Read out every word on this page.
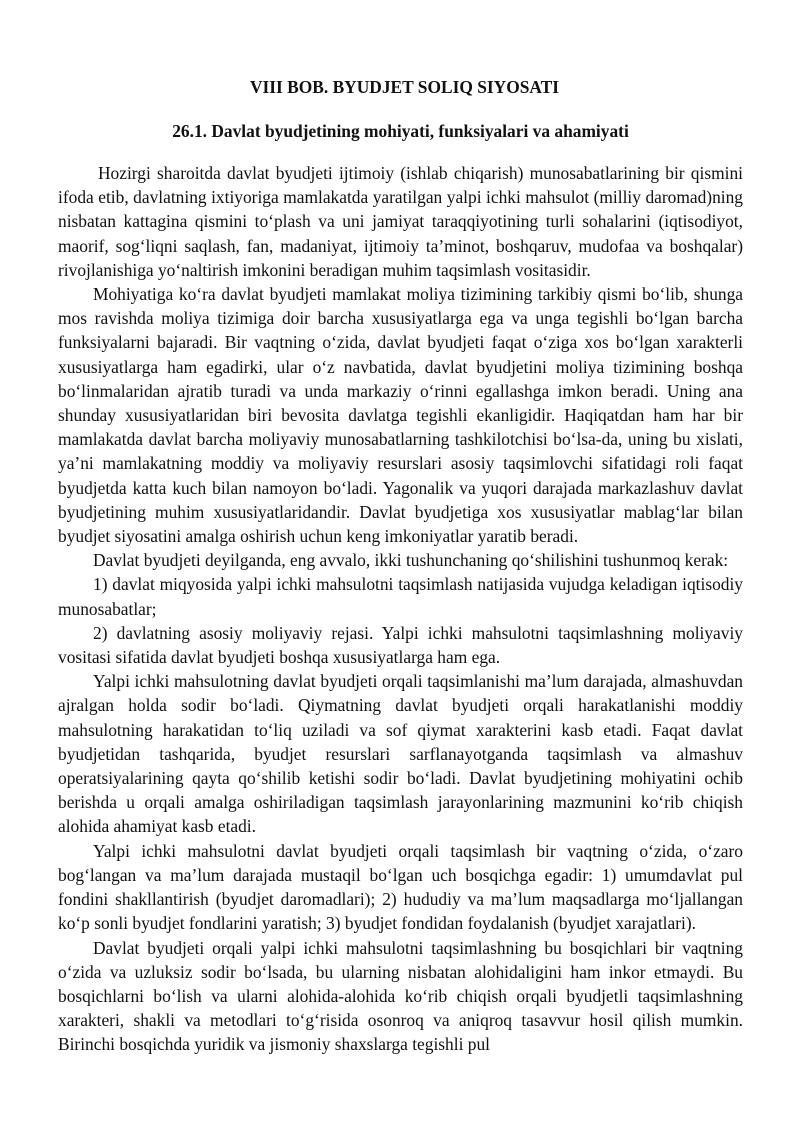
VIII BOB. BYUDJET SOLIQ SIYOSATI
26.1. Davlat byudjetining mohiyati, funksiyalari va ahamiyati

Hozirgi sharoitda davlat byudjeti ijtimoiy (ishlab chiqarish) munosabatlarining bir qismini ifoda etib, davlatning ixtiyoriga mamlakatda yaratilgan yalpi ichki mahsulot (milliy daromad)ning nisbatan kattagina qismini to‘plash va uni jamiyat taraqqiyotining turli sohalarini (iqtisodiyot, maorif, sog‘liqni saqlash, fan, madaniyat, ijtimoiy ta’minot, boshqaruv, mudofaa va boshqalar) rivojlanishiga yo‘naltirish imkonini beradigan muhim taqsimlash vositasidir.

Mohiyatiga ko‘ra davlat byudjeti mamlakat moliya tizimining tarkibiy qismi bo‘lib, shunga mos ravishda moliya tizimiga doir barcha xususiyatlarga ega va unga tegishli bo‘lgan barcha funksiyalarni bajaradi. Bir vaqtning o‘zida, davlat byudjeti faqat o‘ziga xos bo‘lgan xarakterli xususiyatlarga ham egadirki, ular o‘z navbatida, davlat byudjetini moliya tizimining boshqa bo‘linmalaridan ajratib turadi va unda markaziy o‘rinni egallashga imkon beradi. Uning ana shunday xususiyatlaridan biri bevosita davlatga tegishli ekanligidir. Haqiqatdan ham har bir mamlakatda davlat barcha moliyaviy munosabatlarning tashkilotchisi bo‘lsa-da, uning bu xislati, ya’ni mamlakatning moddiy va moliyaviy resurslari asosiy taqsimlovchi sifatidagi roli faqat byudjetda katta kuch bilan namoyon bo‘ladi. Yagonalik va yuqori darajada markazlashuv davlat byudjetining muhim xususiyatlaridandir. Davlat byudjetiga xos xususiyatlar mablag‘lar bilan byudjet siyosatini amalga oshirish uchun keng imkoniyatlar yaratib beradi.

Davlat byudjeti deyilganda, eng avvalo, ikki tushunchaning qo‘shilishini tushunmoq kerak:

1) davlat miqyosida yalpi ichki mahsulotni taqsimlash natijasida vujudga keladigan iqtisodiy munosabatlar;

2) davlatning asosiy moliyaviy rejasi. Yalpi ichki mahsulotni taqsimlashning moliyaviy vositasi sifatida davlat byudjeti boshqa xususiyatlarga ham ega.

Yalpi ichki mahsulotning davlat byudjeti orqali taqsimlanishi ma’lum darajada, almashuvdan ajralgan holda sodir bo‘ladi. Qiymatning davlat byudjeti orqali harakatlanishi moddiy mahsulotning harakatidan to‘liq uziladi va sof qiymat xarakterini kasb etadi. Faqat davlat byudjetidan tashqarida, byudjet resurslari sarflanayotganda taqsimlash va almashuv operatsiyalarining qayta qo‘shilib ketishi sodir bo‘ladi. Davlat byudjetining mohiyatini ochib berishda u orqali amalga oshiriladigan taqsimlash jarayonlarining mazmunini ko‘rib chiqish alohida ahamiyat kasb etadi.

Yalpi ichki mahsulotni davlat byudjeti orqali taqsimlash bir vaqtning o‘zida, o‘zaro bog‘langan va ma’lum darajada mustaqil bo‘lgan uch bosqichga egadir: 1) umumdavlat pul fondini shakllantirish (byudjet daromadlari); 2) hududiy va ma’lum maqsadlarga mo‘ljallangan ko‘p sonli byudjet fondlarini yaratish; 3) byudjet fondidan foydalanish (byudjet xarajatlari).

Davlat byudjeti orqali yalpi ichki mahsulotni taqsimlashning bu bosqichlari bir vaqtning o‘zida va uzluksiz sodir bo‘lsada, bu ularning nisbatan alohidaligini ham inkor etmaydi. Bu bosqichlarni bo‘lish va ularni alohida-alohida ko‘rib chiqish orqali byudjetli taqsimlashning xarakteri, shakli va metodlari to‘g‘risida osonroq va aniqroq tasavvur hosil qilish mumkin. Birinchi bosqichda yuridik va jismoniy shaxslarga tegishli pul
